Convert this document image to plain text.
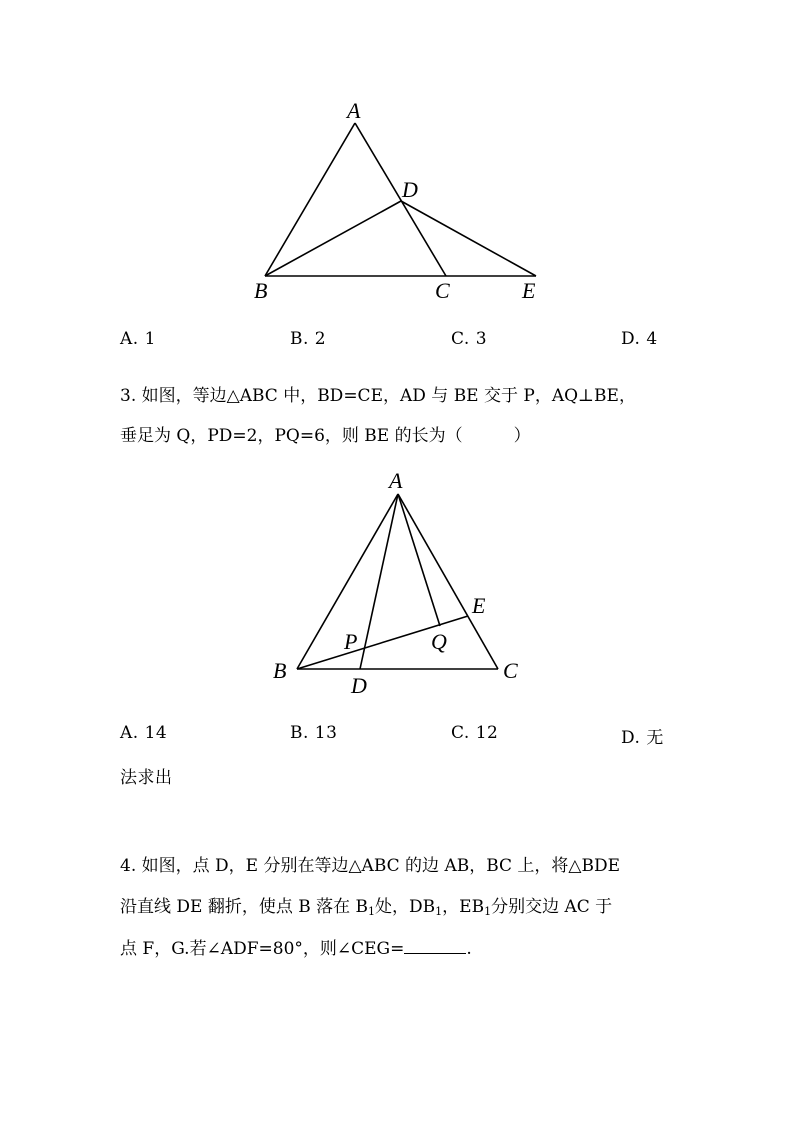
A
D
B	C	E
A. 1	B. 2	C. 3	D. 4
3. 如图，等边△ABC 中，BD=CE，AD 与 BE 交于 P，AQ⊥BE，
垂足为 Q，PD=2，PQ=6，则 BE 的长为（　　　）
A
E
P	Q
B	C
D
A. 14	B. 13	C. 12	D. 无
法求出
4. 如图，点 D，E 分别在等边△ABC 的边 AB，BC 上，将△BDE
沿直线 DE 翻折，使点 B 落在 $B_1$处，$DB_1$，$EB_1$分别交边 AC 于
点 F，G.若∠ADF=80°，则∠CEG=	.
